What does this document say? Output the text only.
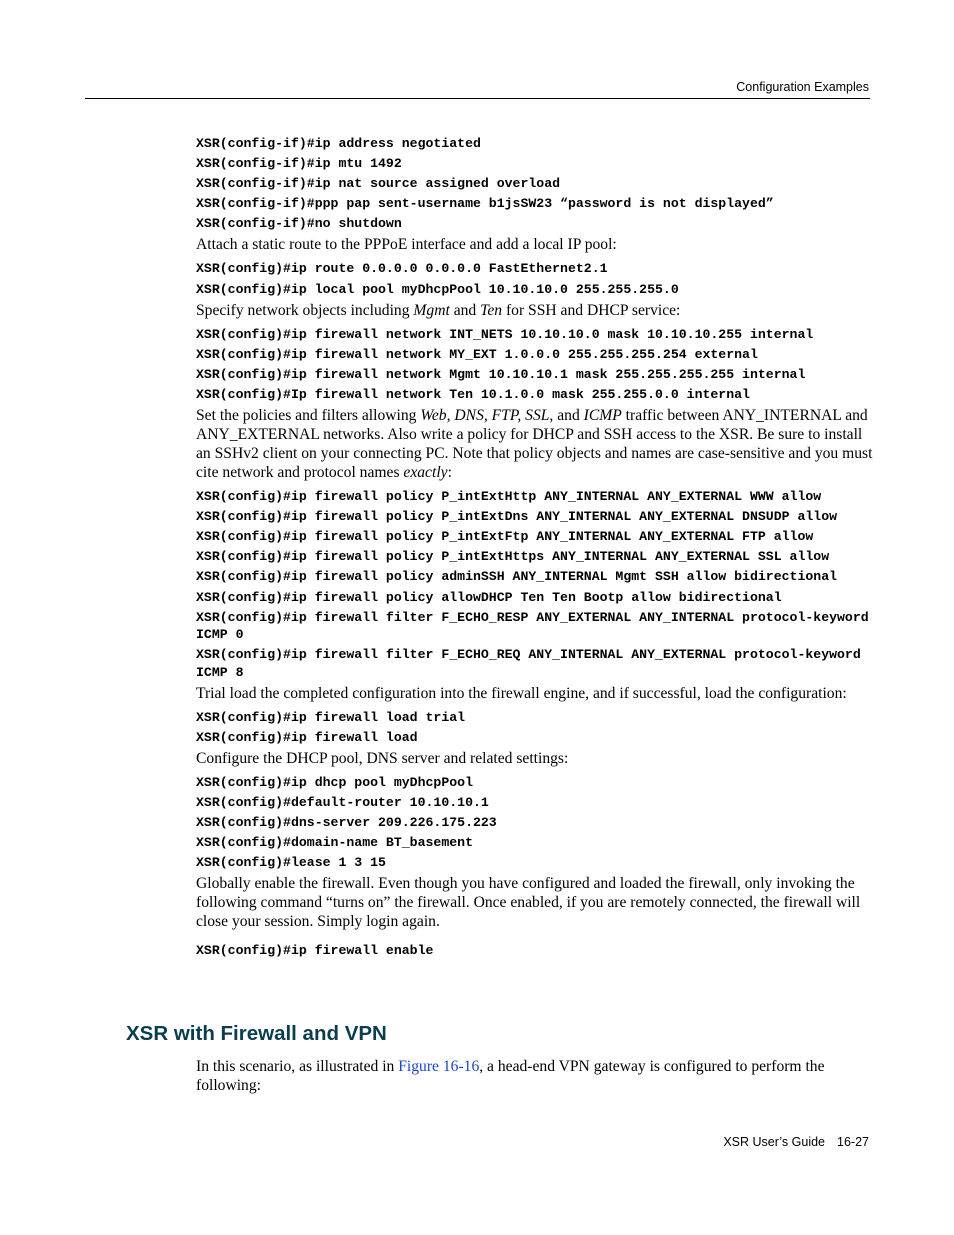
Configuration Examples
XSR(config-if)#ip address negotiated
XSR(config-if)#ip mtu 1492
XSR(config-if)#ip nat source assigned overload
XSR(config-if)#ppp pap sent-username b1jsSW23 “password is not displayed”
XSR(config-if)#no shutdown

Attach a static route to the PPPoE interface and add a local IP pool:

XSR(config)#ip route 0.0.0.0 0.0.0.0 FastEthernet2.1
XSR(config)#ip local pool myDhcpPool 10.10.10.0 255.255.255.0

Specify network objects including Mgmt and Ten for SSH and DHCP service:

XSR(config)#ip firewall network INT_NETS 10.10.10.0 mask 10.10.10.255 internal
XSR(config)#ip firewall network MY_EXT 1.0.0.0 255.255.255.254 external
XSR(config)#ip firewall network Mgmt 10.10.10.1 mask 255.255.255.255 internal
XSR(config)#Ip firewall network Ten 10.1.0.0 mask 255.255.0.0 internal

Set the policies and filters allowing Web, DNS, FTP, SSL, and ICMP traffic between ANY_INTERNAL and ANY_EXTERNAL networks. Also write a policy for DHCP and SSH access to the XSR. Be sure to install an SSHv2 client on your connecting PC. Note that policy objects and names are case-sensitive and you must cite network and protocol names exactly:

XSR(config)#ip firewall policy P_intExtHttp ANY_INTERNAL ANY_EXTERNAL WWW allow
XSR(config)#ip firewall policy P_intExtDns ANY_INTERNAL ANY_EXTERNAL DNSUDP allow
XSR(config)#ip firewall policy P_intExtFtp ANY_INTERNAL ANY_EXTERNAL FTP allow
XSR(config)#ip firewall policy P_intExtHttps ANY_INTERNAL ANY_EXTERNAL SSL allow
XSR(config)#ip firewall policy adminSSH ANY_INTERNAL Mgmt SSH allow bidirectional
XSR(config)#ip firewall policy allowDHCP Ten Ten Bootp allow bidirectional
XSR(config)#ip firewall filter F_ECHO_RESP ANY_EXTERNAL ANY_INTERNAL protocol-keyword ICMP 0
XSR(config)#ip firewall filter F_ECHO_REQ ANY_INTERNAL ANY_EXTERNAL protocol-keyword ICMP 8

Trial load the completed configuration into the firewall engine, and if successful, load the configuration:

XSR(config)#ip firewall load trial
XSR(config)#ip firewall load

Configure the DHCP pool, DNS server and related settings:

XSR(config)#ip dhcp pool myDhcpPool
XSR(config)#default-router 10.10.10.1
XSR(config)#dns-server 209.226.175.223
XSR(config)#domain-name BT_basement
XSR(config)#lease 1 3 15

Globally enable the firewall. Even though you have configured and loaded the firewall, only invoking the following command “turns on” the firewall. Once enabled, if you are remotely connected, the firewall will close your session. Simply login again.

XSR(config)#ip firewall enable
XSR with Firewall and VPN

In this scenario, as illustrated in Figure 16-16, a head-end VPN gateway is configured to perform the following:

XSR User’s Guide 16-27
